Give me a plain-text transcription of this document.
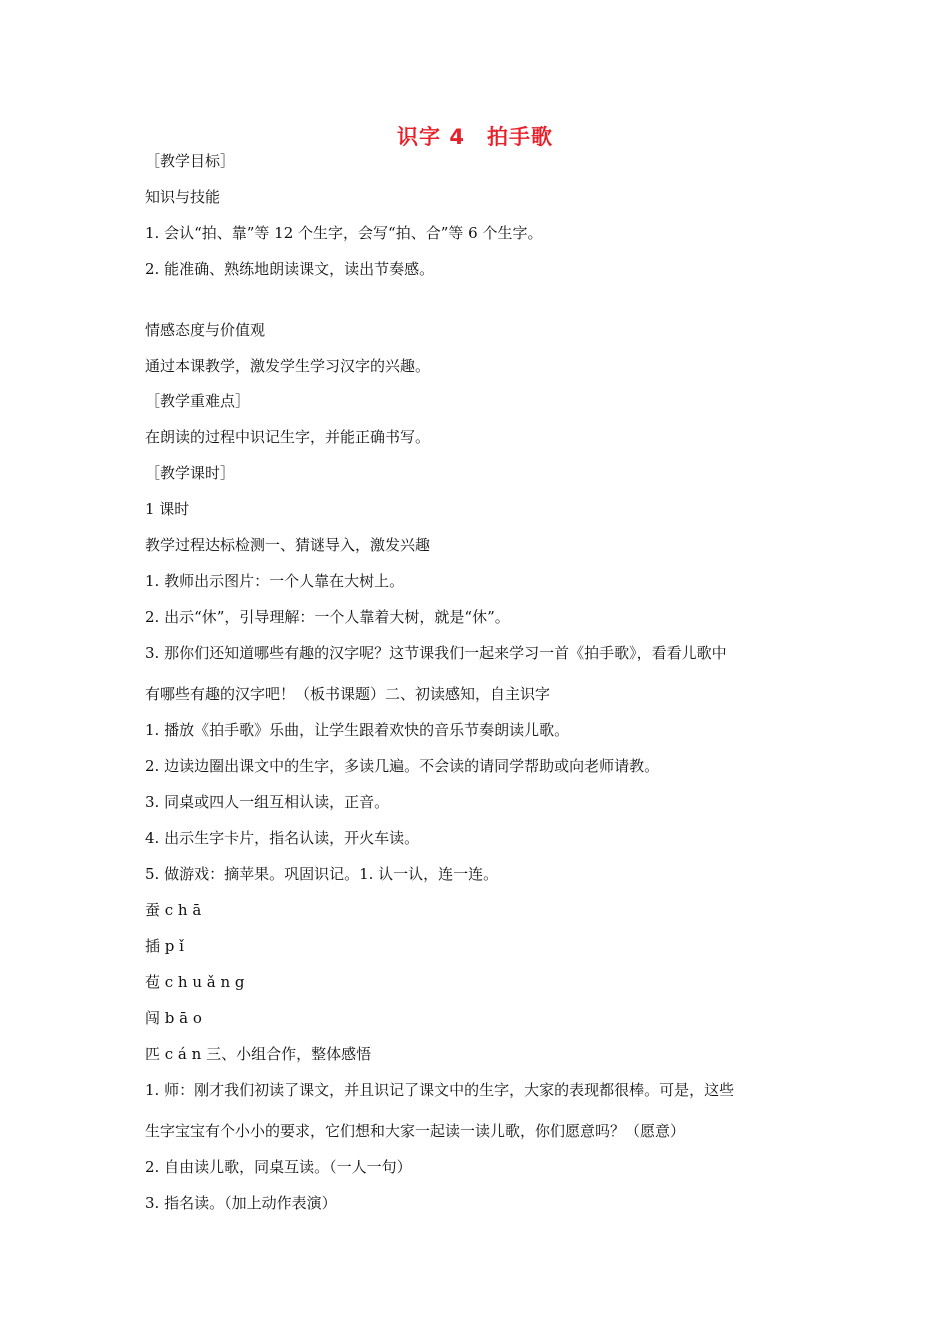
识字 4　拍手歌
［教学目标］
知识与技能
1. 会认“拍、靠”等 12 个生字，会写“拍、合”等 6 个生字。
2. 能准确、熟练地朗读课文，读出节奏感。
情感态度与价值观
通过本课教学，激发学生学习汉字的兴趣。
［教学重难点］
在朗读的过程中识记生字，并能正确书写。
［教学课时］
1 课时
教学过程达标检测一、猜谜导入，激发兴趣
1. 教师出示图片：一个人靠在大树上。
2. 出示“休”，引导理解：一个人靠着大树，就是“休”。
3. 那你们还知道哪些有趣的汉字呢？这节课我们一起来学习一首《拍手歌》，看看儿歌中
有哪些有趣的汉字吧！（板书课题）二、初读感知，自主识字
1. 播放《拍手歌》乐曲，让学生跟着欢快的音乐节奏朗读儿歌。
2. 边读边圈出课文中的生字，多读几遍。不会读的请同学帮助或向老师请教。
3. 同桌或四人一组互相认读，正音。
4. 出示生字卡片，指名认读，开火车读。
5. 做游戏：摘苹果。巩固识记。1. 认一认，连一连。
蚕 c h ā
插 p ǐ
苞 c h u ǎ n g
闯 b ā o
匹 c á n 三、小组合作，整体感悟
1. 师：刚才我们初读了课文，并且识记了课文中的生字，大家的表现都很棒。可是，这些
生字宝宝有个小小的要求，它们想和大家一起读一读儿歌，你们愿意吗？（愿意）
2. 自由读儿歌，同桌互读。（一人一句）
3. 指名读。（加上动作表演）
